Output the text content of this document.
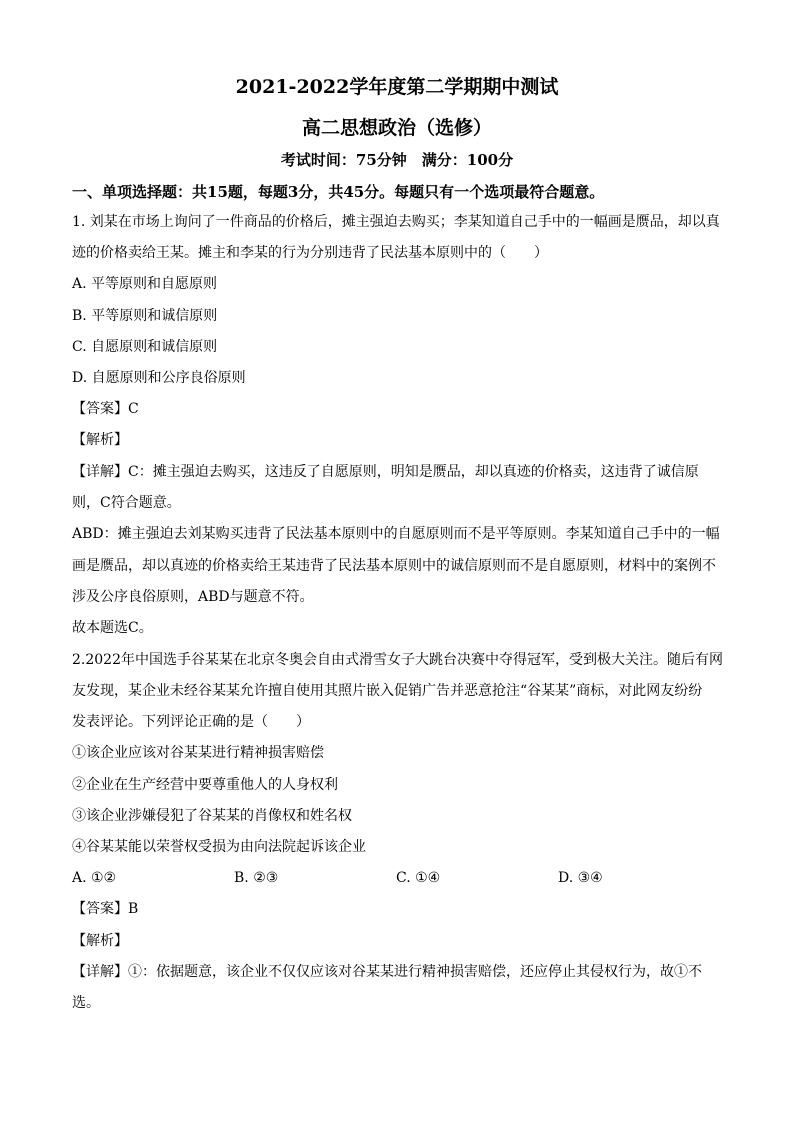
2021-2022学年度第二学期期中测试
高二思想政治（选修）
考试时间：75分钟　满分：100分
一、单项选择题：共15题，每题3分，共45分。每题只有一个选项最符合题意。
1. 刘某在市场上询问了一件商品的价格后，摊主强迫去购买；李某知道自己手中的一幅画是赝品，却以真
迹的价格卖给王某。摊主和李某的行为分别违背了民法基本原则中的（　　）
A. 平等原则和自愿原则
B. 平等原则和诚信原则
C. 自愿原则和诚信原则
D. 自愿原则和公序良俗原则
【答案】C
【解析】
【详解】C：摊主强迫去购买，这违反了自愿原则，明知是赝品，却以真迹的价格卖，这违背了诚信原
则，C符合题意。
ABD：摊主强迫去刘某购买违背了民法基本原则中的自愿原则而不是平等原则。李某知道自己手中的一幅
画是赝品，却以真迹的价格卖给王某违背了民法基本原则中的诚信原则而不是自愿原则，材料中的案例不
涉及公序良俗原则，ABD与题意不符。
故本题选C。
2.2022年中国选手谷某某在北京冬奥会自由式滑雪女子大跳台决赛中夺得冠军，受到极大关注。随后有网
友发现，某企业未经谷某某允许擅自使用其照片嵌入促销广告并恶意抢注“谷某某”商标，对此网友纷纷
发表评论。下列评论正确的是（　　）
①该企业应该对谷某某进行精神损害赔偿
②企业在生产经营中要尊重他人的人身权利
③该企业涉嫌侵犯了谷某某的肖像权和姓名权
④谷某某能以荣誉权受损为由向法院起诉该企业
A. ①②	B. ②③	C. ①④	D. ③④
【答案】B
【解析】
【详解】①：依据题意，该企业不仅仅应该对谷某某进行精神损害赔偿，还应停止其侵权行为，故①不
选。
